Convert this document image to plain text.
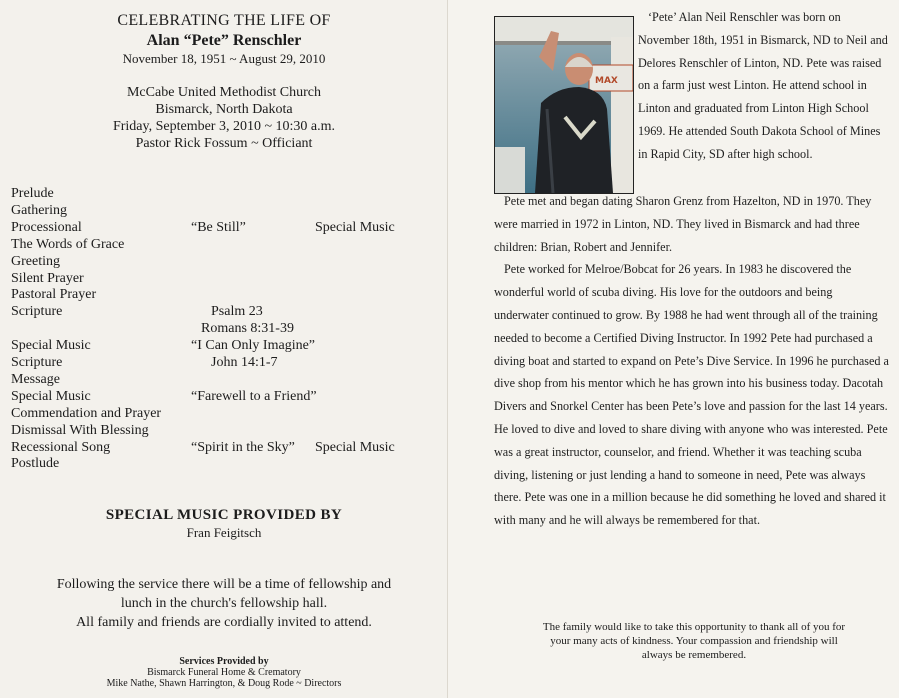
CELEBRATING THE LIFE OF
Alan “Pete” Renschler
November 18, 1951 ~ August 29, 2010
McCabe United Methodist Church
Bismarck, North Dakota
Friday, September 3, 2010 ~ 10:30 a.m.
Pastor Rick Fossum ~ Officiant
Prelude
Gathering
Processional	“Be Still”	Special Music
The Words of Grace
Greeting
Silent Prayer
Pastoral Prayer
Scripture	Psalm 23
Romans 8:31-39
Special Music	“I Can Only Imagine”
Scripture	John 14:1-7
Message
Special Music	“Farewell to a Friend”
Commendation and Prayer
Dismissal With Blessing
Recessional Song	“Spirit in the Sky” Special Music
Postlude
SPECIAL MUSIC PROVIDED BY
Fran Feigitsch
Following the service there will be a time of fellowship and
lunch in the church's fellowship hall.
All family and friends are cordially invited to attend.
Services Provided by
Bismarck Funeral Home & Crematory
Mike Nathe, Shawn Harrington, & Doug Rode ~ Directors
MAX

‘Pete’ Alan Neil Renschler was born on November 18th, 1951 in Bismarck, ND to Neil and Delores Renschler of Linton, ND. Pete was raised on a farm just west Linton. He attend school in Linton and graduated from Linton High School 1969. He attended South Dakota School of Mines in Rapid City, SD after high school.

Pete met and began dating Sharon Grenz from Hazelton, ND in 1970. They were married in 1972 in Linton, ND. They lived in Bismarck and had three children: Brian, Robert and Jennifer.

Pete worked for Melroe/Bobcat for 26 years. In 1983 he discovered the wonderful world of scuba diving. His love for the outdoors and being underwater continued to grow. By 1988 he had went through all of the training needed to become a Certified Diving Instructor. In 1992 Pete had purchased a diving boat and started to expand on Pete’s Dive Service. In 1996 he purchased a dive shop from his mentor which he has grown into his business today. Dacotah Divers and Snorkel Center has been Pete’s love and passion for the last 14 years. He loved to dive and loved to share diving with anyone who was interested. Pete was a great instructor, counselor, and friend. Whether it was teaching scuba diving, listening or just lending a hand to someone in need, Pete was always there. Pete was one in a million because he did something he loved and shared it with many and he will always be remembered for that.

The family would like to take this opportunity to thank all of you for
your many acts of kindness. Your compassion and friendship will
always be remembered.
